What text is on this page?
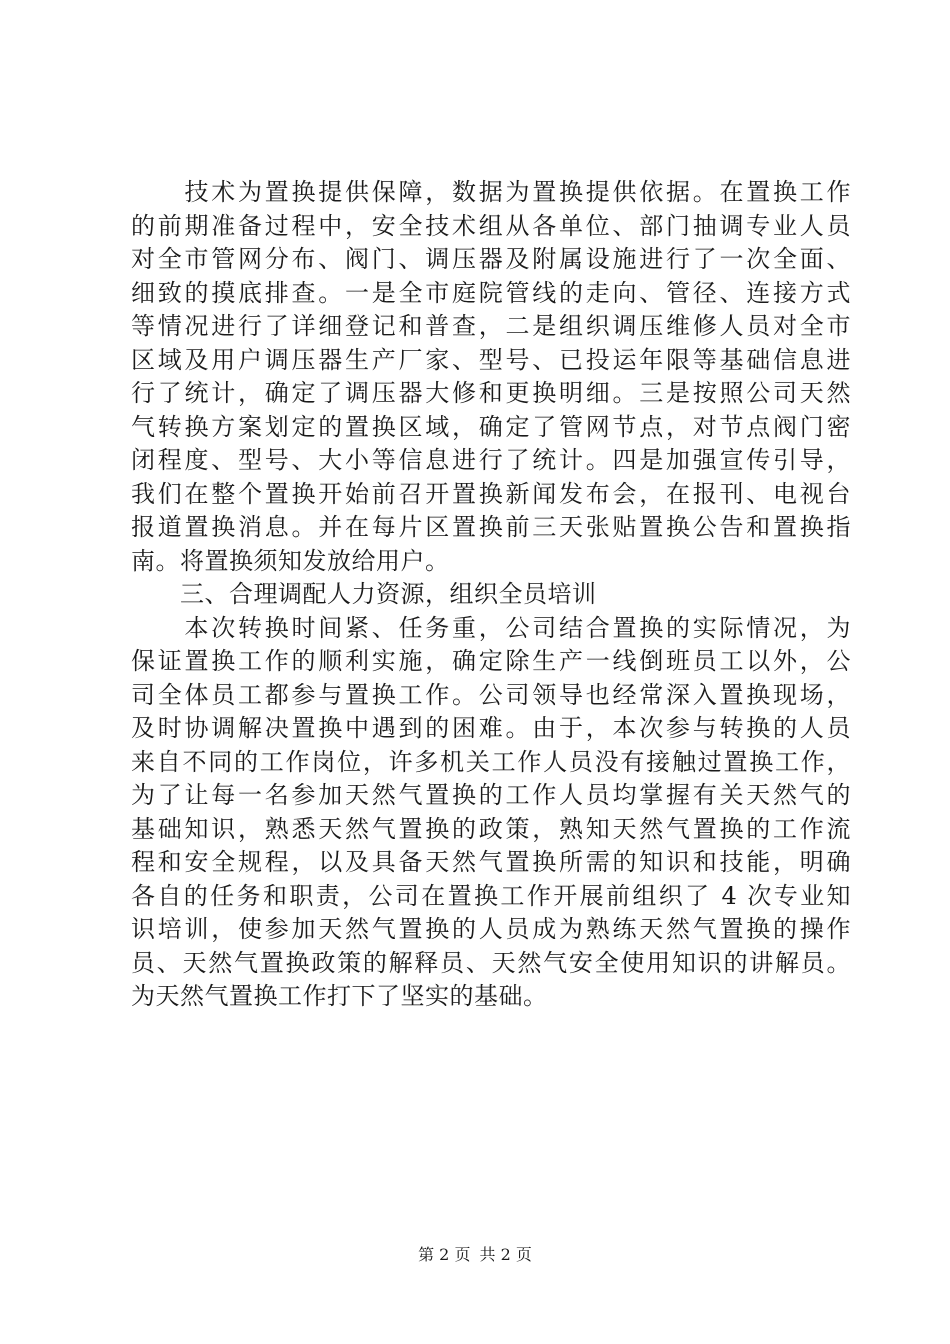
　　技术为置换提供保障，数据为置换提供依据。在置换工作
的前期准备过程中，安全技术组从各单位、部门抽调专业人员
对全市管网分布、阀门、调压器及附属设施进行了一次全面、
细致的摸底排查。一是全市庭院管线的走向、管径、连接方式
等情况进行了详细登记和普查，二是组织调压维修人员对全市
区域及用户调压器生产厂家、型号、已投运年限等基础信息进
行了统计，确定了调压器大修和更换明细。三是按照公司天然
气转换方案划定的置换区域，确定了管网节点，对节点阀门密
闭程度、型号、大小等信息进行了统计。四是加强宣传引导，
我们在整个置换开始前召开置换新闻发布会，在报刊、电视台
报道置换消息。并在每片区置换前三天张贴置换公告和置换指
南。将置换须知发放给用户。
　　三、合理调配人力资源，组织全员培训
　　本次转换时间紧、任务重，公司结合置换的实际情况，为
保证置换工作的顺利实施，确定除生产一线倒班员工以外，公
司全体员工都参与置换工作。公司领导也经常深入置换现场，
及时协调解决置换中遇到的困难。由于，本次参与转换的人员
来自不同的工作岗位，许多机关工作人员没有接触过置换工作，
为了让每一名参加天然气置换的工作人员均掌握有关天然气的
基础知识，熟悉天然气置换的政策，熟知天然气置换的工作流
程和安全规程，以及具备天然气置换所需的知识和技能，明确
各自的任务和职责，公司在置换工作开展前组织了 4 次专业知
识培训，使参加天然气置换的人员成为熟练天然气置换的操作
员、天然气置换政策的解释员、天然气安全使用知识的讲解员。
为天然气置换工作打下了坚实的基础。
第 2 页 共 2 页
